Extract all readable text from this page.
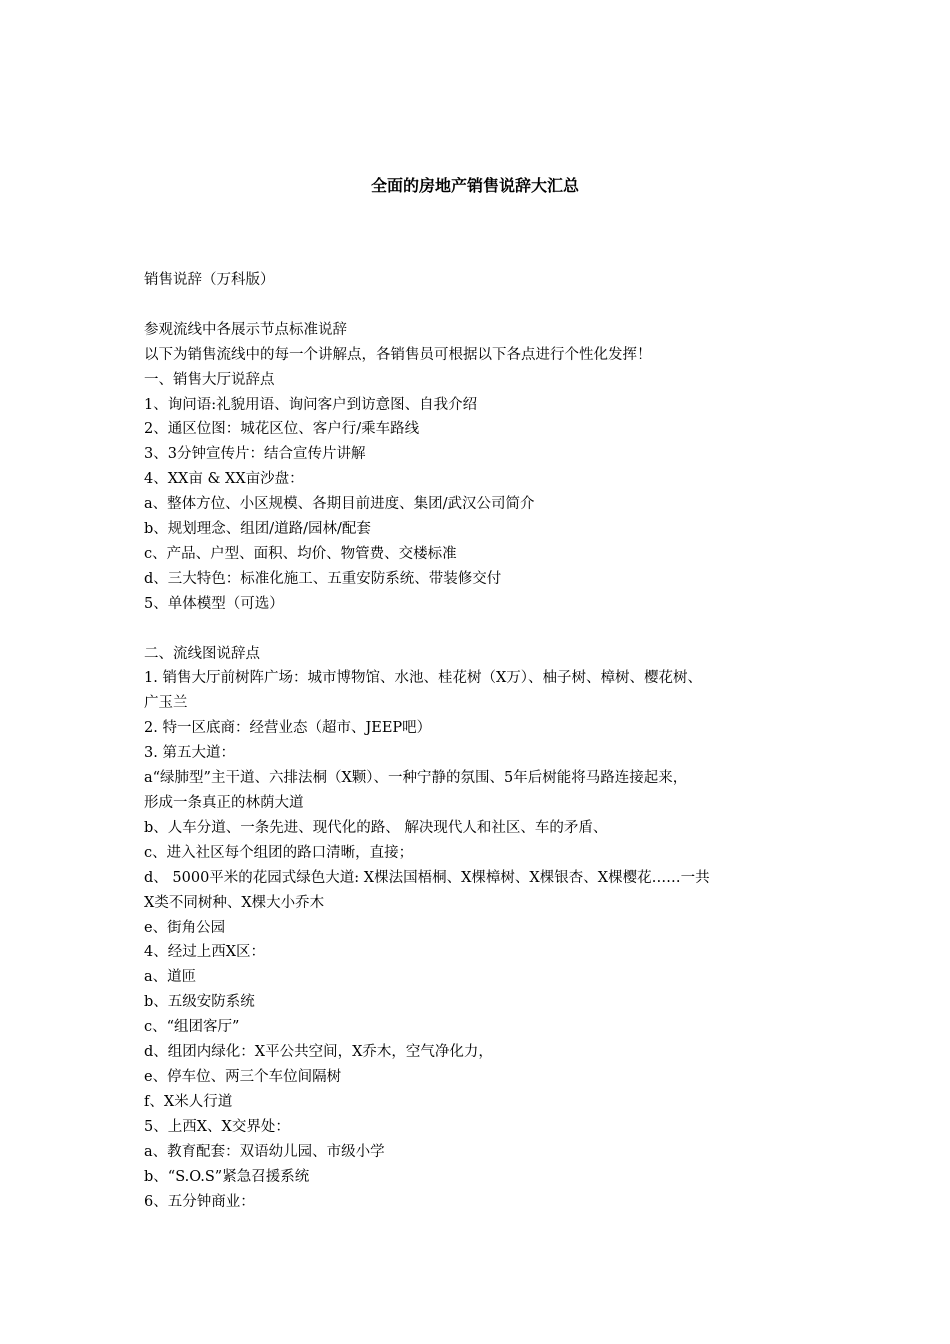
全面的房地产销售说辞大汇总
销售说辞（万科版）
参观流线中各展示节点标准说辞
以下为销售流线中的每一个讲解点，各销售员可根据以下各点进行个性化发挥！
一、销售大厅说辞点
1、询问语:礼貌用语、询问客户到访意图、自我介绍
2、通区位图：城花区位、客户行/乘车路线
3、3分钟宣传片：结合宣传片讲解
4、XX亩 & XX亩沙盘：
a、整体方位、小区规模、各期目前进度、集团/武汉公司简介
b、规划理念、组团/道路/园林/配套
c、产品、户型、面积、均价、物管费、交楼标准
d、三大特色：标准化施工、五重安防系统、带装修交付
5、单体模型（可选）
二、流线图说辞点
1. 销售大厅前树阵广场：城市博物馆、水池、桂花树（X万）、柚子树、樟树、樱花树、
广玉兰
2. 特一区底商：经营业态（超市、JEEP吧）
3. 第五大道：
a“绿肺型”主干道、六排法桐（X颗）、一种宁静的氛围、5年后树能将马路连接起来，
形成一条真正的林荫大道
b、人车分道、一条先进、现代化的路、 解决现代人和社区、车的矛盾、
c、进入社区每个组团的路口清晰，直接；
d、 5000平米的花园式绿色大道: X棵法国梧桐、X棵樟树、X棵银杏、X棵樱花……一共
X类不同树种、X棵大小乔木
e、街角公园
4、经过上西X区：
a、道匝
b、五级安防系统
c、“组团客厅”
d、组团内绿化：X平公共空间，X乔木，空气净化力，
e、停车位、两三个车位间隔树
f、X米人行道
5、上西X、X交界处：
a、教育配套：双语幼儿园、市级小学
b、“S.O.S”紧急召援系统
6、五分钟商业：
